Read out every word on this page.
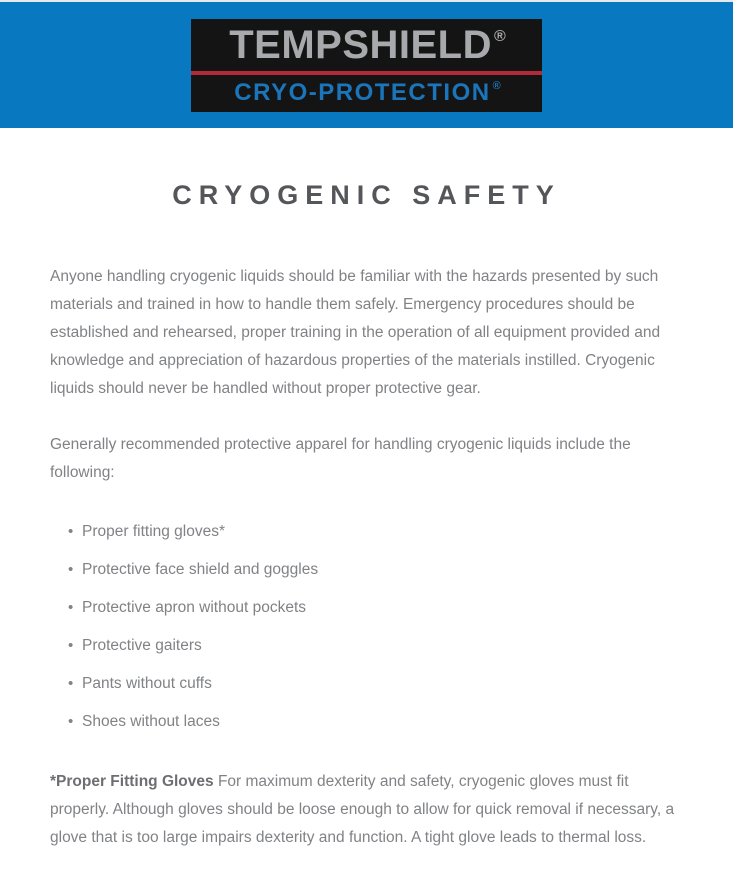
TEMPSHIELD ®
CRYO-PROTECTION ®
CRYOGENIC SAFETY

Anyone handling cryogenic liquids should be familiar with the hazards presented by such materials and trained in how to handle them safely. Emergency procedures should be established and rehearsed, proper training in the operation of all equipment provided and knowledge and appreciation of hazardous properties of the materials instilled. Cryogenic liquids should never be handled without proper protective gear.

Generally recommended protective apparel for handling cryogenic liquids include the following:

• Proper fitting gloves*
• Protective face shield and goggles
• Protective apron without pockets
• Protective gaiters
• Pants without cuffs
• Shoes without laces

*Proper Fitting Gloves For maximum dexterity and safety, cryogenic gloves must fit properly. Although gloves should be loose enough to allow for quick removal if necessary, a glove that is too large impairs dexterity and function. A tight glove leads to thermal loss.
